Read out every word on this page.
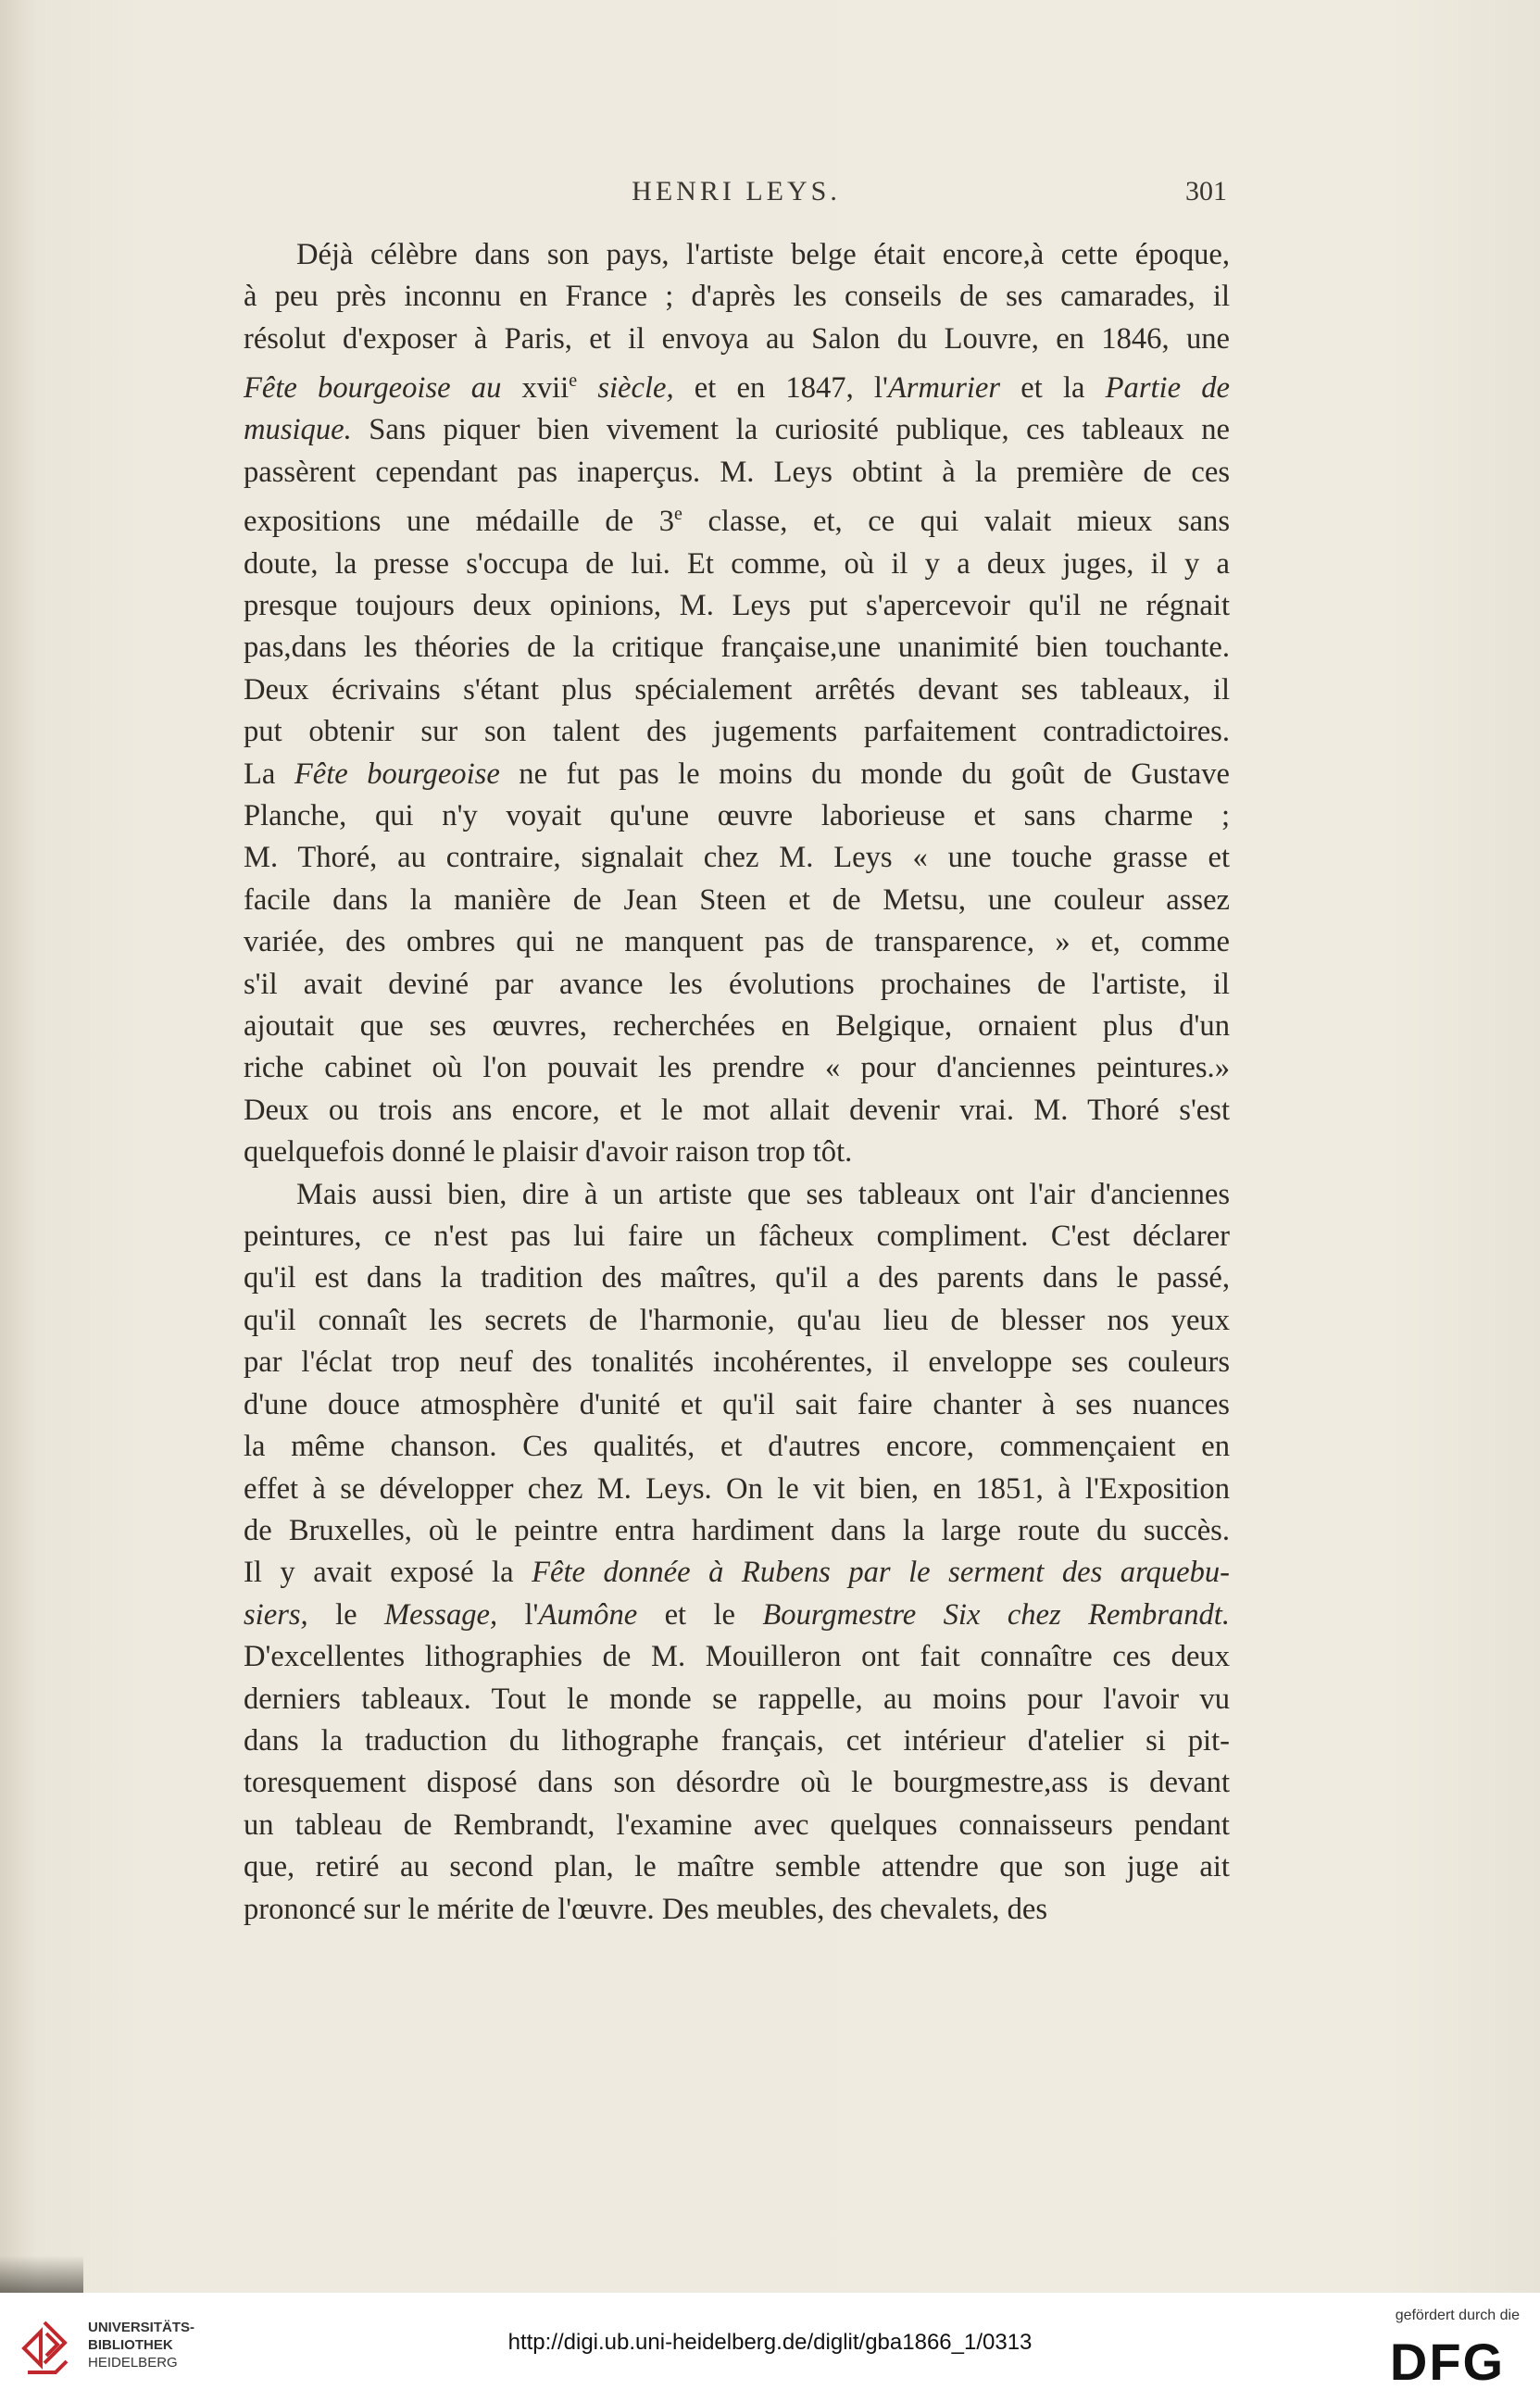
HENRI LEYS.	301
Déjà célèbre dans son pays, l'artiste belge était encore,à cette époque,
à peu près inconnu en France ; d'après les conseils de ses camarades, il
résolut d'exposer à Paris, et il envoya au Salon du Louvre, en 1846, une
Fête bourgeoise au xvii$^e$ siècle, et en 1847, l'Armurier et la Partie de
musique. Sans piquer bien vivement la curiosité publique, ces tableaux ne
passèrent cependant pas inaperçus. M. Leys obtint à la première de ces
expositions une médaille de 3e classe, et, ce qui valait mieux sans
doute, la presse s'occupa de lui. Et comme, où il y a deux juges, il y a
presque toujours deux opinions, M. Leys put s'apercevoir qu'il ne régnait
pas,dans les théories de la critique française,une unanimité bien touchante.
Deux écrivains s'étant plus spécialement arrêtés devant ses tableaux, il
put obtenir sur son talent des jugements parfaitement contradictoires.
La Fête bourgeoise ne fut pas le moins du monde du goût de Gustave
Planche, qui n'y voyait qu'une œuvre laborieuse et sans charme ;
M. Thoré, au contraire, signalait chez M. Leys « une touche grasse et
facile dans la manière de Jean Steen et de Metsu, une couleur assez
variée, des ombres qui ne manquent pas de transparence, » et, comme
s'il avait deviné par avance les évolutions prochaines de l'artiste, il
ajoutait que ses œuvres, recherchées en Belgique, ornaient plus d'un
riche cabinet où l'on pouvait les prendre « pour d'anciennes peintures.»
Deux ou trois ans encore, et le mot allait devenir vrai. M. Thoré s'est
quelquefois donné le plaisir d'avoir raison trop tôt.
Mais aussi bien, dire à un artiste que ses tableaux ont l'air d'anciennes
peintures, ce n'est pas lui faire un fâcheux compliment. C'est déclarer
qu'il est dans la tradition des maîtres, qu'il a des parents dans le passé,
qu'il connaît les secrets de l'harmonie, qu'au lieu de blesser nos yeux
par l'éclat trop neuf des tonalités incohérentes, il enveloppe ses couleurs
d'une douce atmosphère d'unité et qu'il sait faire chanter à ses nuances
la même chanson. Ces qualités, et d'autres encore, commençaient en
effet à se développer chez M. Leys. On le vit bien, en 1851, à l'Exposition
de Bruxelles, où le peintre entra hardiment dans la large route du succès.
Il y avait exposé la Fête donnée à Rubens par le serment des arquebu-
siers, le Message, l'Aumône et le Bourgmestre Six chez Rembrandt.
D'excellentes lithographies de M. Mouilleron ont fait connaître ces deux
derniers tableaux. Tout le monde se rappelle, au moins pour l'avoir vu
dans la traduction du lithographe français, cet intérieur d'atelier si pit-
toresquement disposé dans son désordre où le bourgmestre,ass is devant
un tableau de Rembrandt, l'examine avec quelques connaisseurs pendant
que, retiré au second plan, le maître semble attendre que son juge ait
prononcé sur le mérite de l'œuvre. Des meubles, des chevalets, des
UNIVERSITÄTS-
BIBLIOTHEK
HEIDELBERG
http://digi.ub.uni-heidelberg.de/diglit/gba1866_1/0313
gefördert durch die
DFG
